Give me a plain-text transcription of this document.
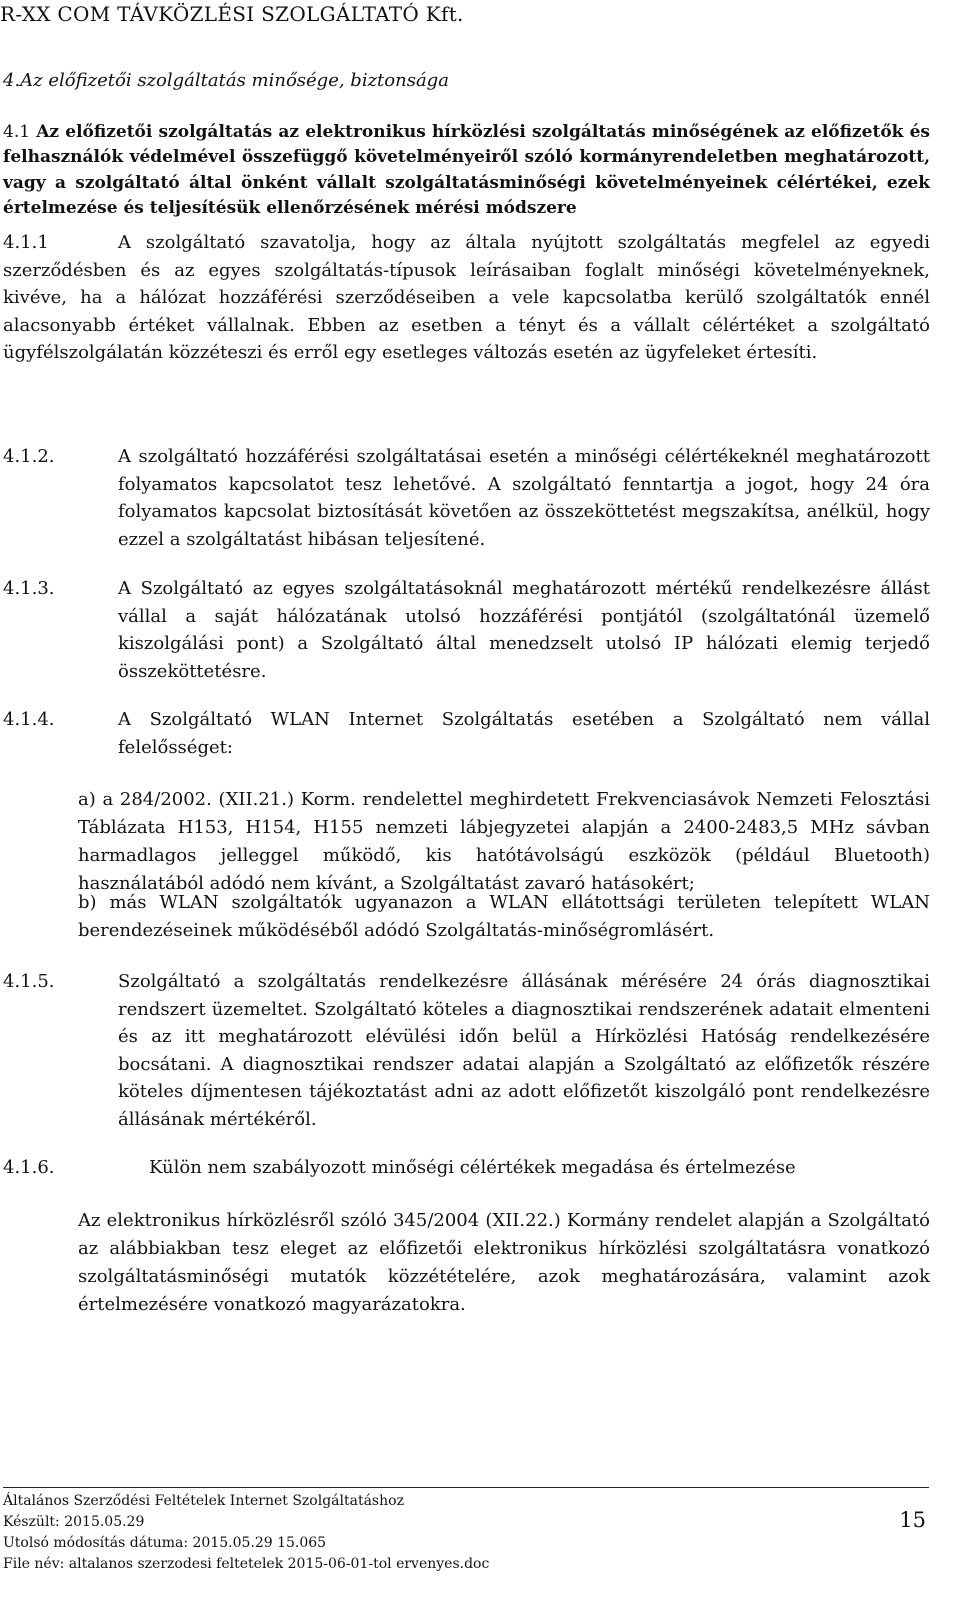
R-XX COM TÁVKÖZLÉSI SZOLGÁLTATÓ Kft.
4.Az előfizetői szolgáltatás minősége, biztonsága
4.1 Az előfizetői szolgáltatás az elektronikus hírközlési szolgáltatás minőségének az előfizetők és felhasználók védelmével összefüggő követelményeiről szóló kormányrendeletben meghatározott, vagy a szolgáltató által önként vállalt szolgáltatásminőségi követelményeinek célértékei, ezek értelmezése és teljesítésük ellenőrzésének mérési módszere
4.1.1	A szolgáltató szavatolja, hogy az általa nyújtott szolgáltatás megfelel az egyedi szerződésben és az egyes szolgáltatás-típusok leírásaiban foglalt minőségi követelményeknek, kivéve, ha a hálózat hozzáférési szerződéseiben a vele kapcsolatba kerülő szolgáltatók ennél alacsonyabb értéket vállalnak. Ebben az esetben a tényt és a vállalt célértéket a szolgáltató ügyfélszolgálatán közzéteszi és erről egy esetleges változás esetén az ügyfeleket értesíti.
4.1.2.	A szolgáltató hozzáférési szolgáltatásai esetén a minőségi célértékeknél meghatározott folyamatos kapcsolatot tesz lehetővé. A szolgáltató fenntartja a jogot, hogy 24 óra folyamatos kapcsolat biztosítását követően az összeköttetést megszakítsa, anélkül, hogy ezzel a szolgáltatást hibásan teljesítené.
4.1.3.	A Szolgáltató az egyes szolgáltatásoknál meghatározott mértékű rendelkezésre állást vállal a saját hálózatának utolsó hozzáférési pontjától (szolgáltatónál üzemelő kiszolgálási pont) a Szolgáltató által menedzselt utolsó IP hálózati elemig terjedő összeköttetésre.
4.1.4.	A Szolgáltató WLAN Internet Szolgáltatás esetében a Szolgáltató nem vállal felelősséget:
a) a 284/2002. (XII.21.) Korm. rendelettel meghirdetett Frekvenciasávok Nemzeti Felosztási Táblázata H153, H154, H155 nemzeti lábjegyzetei alapján a 2400-2483,5 MHz sávban harmadlagos jelleggel működő, kis hatótávolságú eszközök (például Bluetooth) használatából adódó nem kívánt, a Szolgáltatást zavaró hatásokért;
b) más WLAN szolgáltatók ugyanazon a WLAN ellátottsági területen telepített WLAN berendezéseinek működéséből adódó Szolgáltatás-minőségromlásért.
4.1.5.	Szolgáltató a szolgáltatás rendelkezésre állásának mérésére 24 órás diagnosztikai rendszert üzemeltet. Szolgáltató köteles a diagnosztikai rendszerének adatait elmenteni és az itt meghatározott elévülési időn belül a Hírközlési Hatóság rendelkezésére bocsátani. A diagnosztikai rendszer adatai alapján a Szolgáltató az előfizetők részére köteles díjmentesen tájékoztatást adni az adott előfizetőt kiszolgáló pont rendelkezésre állásának mértékéről.
4.1.6.	Külön nem szabályozott minőségi célértékek megadása és értelmezése
Az elektronikus hírközlésről szóló 345/2004 (XII.22.) Kormány rendelet alapján a Szolgáltató az alábbiakban tesz eleget az előfizetői elektronikus hírközlési szolgáltatásra vonatkozó szolgáltatásminőségi mutatók közzétételére, azok meghatározására, valamint azok értelmezésére vonatkozó magyarázatokra.
Általános Szerződési Feltételek Internet Szolgáltatáshoz
Készült: 2015.05.29
Utolsó módosítás dátuma: 2015.05.29 15.065
File név: altalanos szerzodesi feltetelek 2015-06-01-tol ervenyes.doc
15
